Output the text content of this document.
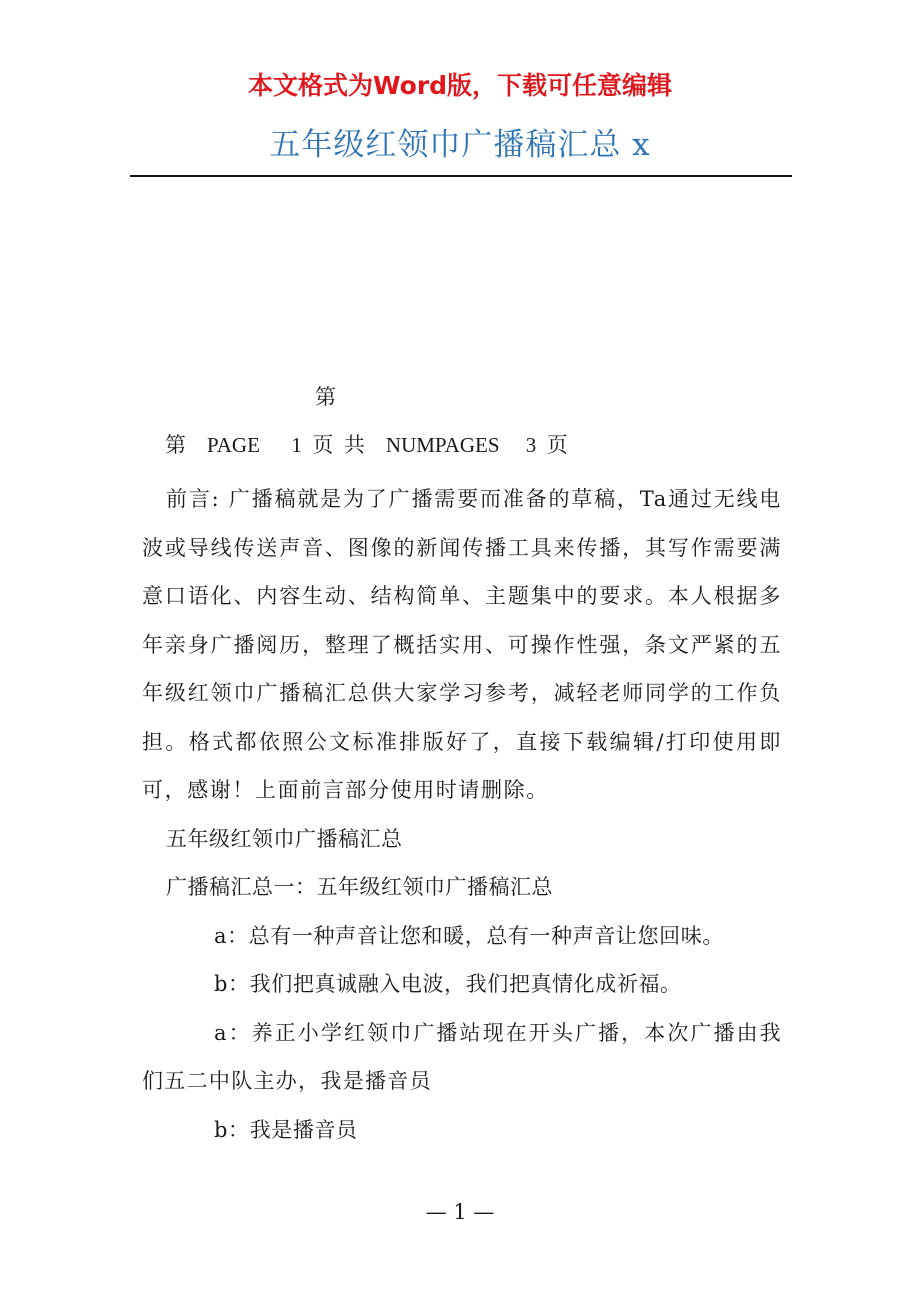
本文格式为Word版，下载可任意编辑
五年级红领巾广播稿汇总 x
第
第 PAGE 1 页 共 NUMPAGES 3 页

前言: 广播稿就是为了广播需要而准备的草稿，Ta通过无线电波或导线传送声音、图像的新闻传播工具来传播，其写作需要满意口语化、内容生动、结构简单、主题集中的要求。本人根据多年亲身广播阅历，整理了概括实用、可操作性强，条文严紧的五年级红领巾广播稿汇总供大家学习参考，减轻老师同学的工作负担。格式都依照公文标准排版好了，直接下载编辑/打印使用即可，感谢！上面前言部分使用时请删除。

五年级红领巾广播稿汇总

广播稿汇总一：五年级红领巾广播稿汇总

a：总有一种声音让您和暖，总有一种声音让您回味。

b：我们把真诚融入电波，我们把真情化成祈福。

a：养正小学红领巾广播站现在开头广播，本次广播由我们五二中队主办，我是播音员

b：我是播音员

— 1 —
